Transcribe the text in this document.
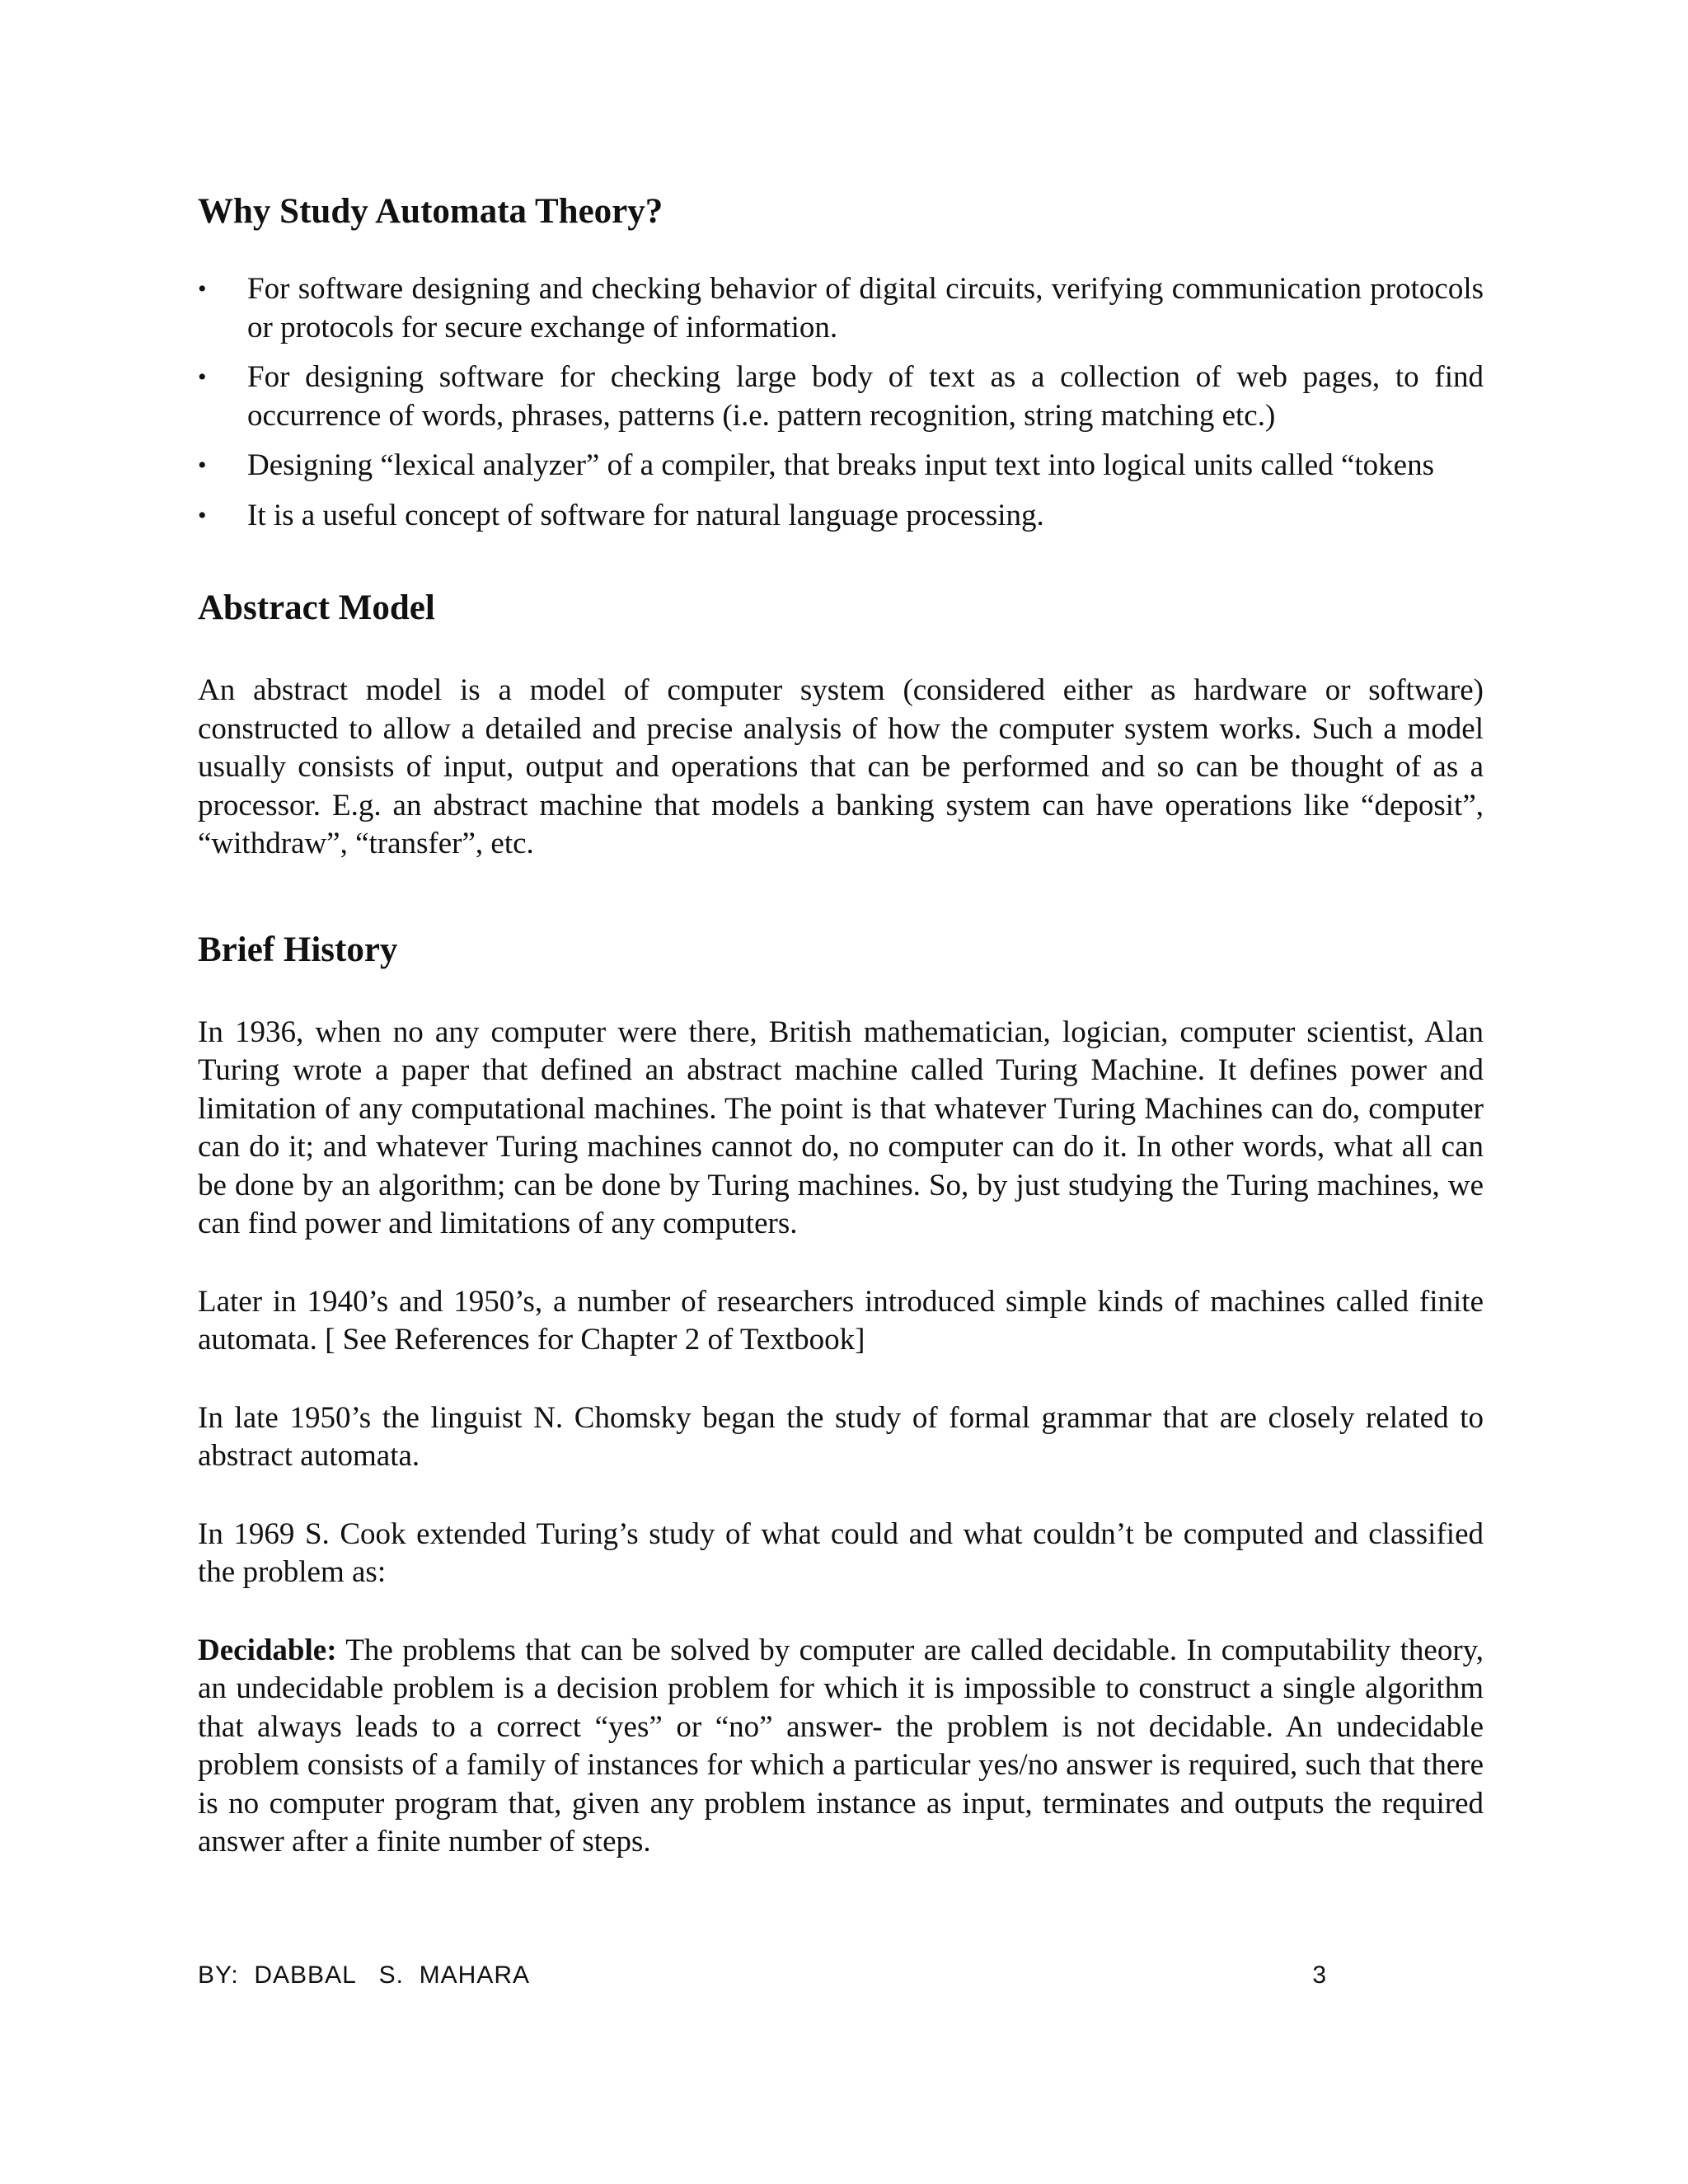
Why Study Automata Theory?
•	For software designing and checking behavior of digital circuits, verifying communication protocols or protocols for secure exchange of information.
•	For designing software for checking large body of text as a collection of web pages, to find occurrence of words, phrases, patterns (i.e. pattern recognition, string matching etc.)
•	Designing “lexical analyzer” of a compiler, that breaks input text into logical units called “tokens
•	It is a useful concept of software for natural language processing.
Abstract Model

An abstract model is a model of computer system (considered either as hardware or software) constructed to allow a detailed and precise analysis of how the computer system works. Such a model usually consists of input, output and operations that can be performed and so can be thought of as a processor. E.g. an abstract machine that models a banking system can have operations like “deposit”, “withdraw”, “transfer”, etc.

Brief History

In 1936, when no any computer were there, British mathematician, logician, computer scientist, Alan Turing wrote a paper that defined an abstract machine called Turing Machine. It defines power and limitation of any computational machines. The point is that whatever Turing Machines can do, computer can do it; and whatever Turing machines cannot do, no computer can do it. In other words, what all can be done by an algorithm; can be done by Turing machines. So, by just studying the Turing machines, we can find power and limitations of any computers.

Later in 1940’s and 1950’s, a number of researchers introduced simple kinds of machines called finite automata. [ See References for Chapter 2 of Textbook]

In late 1950’s the linguist N. Chomsky began the study of formal grammar that are closely related to abstract automata.

In 1969 S. Cook extended Turing’s study of what could and what couldn’t be computed and classified the problem as:

Decidable: The problems that can be solved by computer are called decidable. In computability theory, an undecidable problem is a decision problem for which it is impossible to construct a single algorithm that always leads to a correct “yes” or “no” answer- the problem is not decidable. An undecidable problem consists of a family of instances for which a particular yes/no answer is required, such that there is no computer program that, given any problem instance as input, terminates and outputs the required answer after a finite number of steps.

BY:  DABBAL   S.  MAHARA	3
